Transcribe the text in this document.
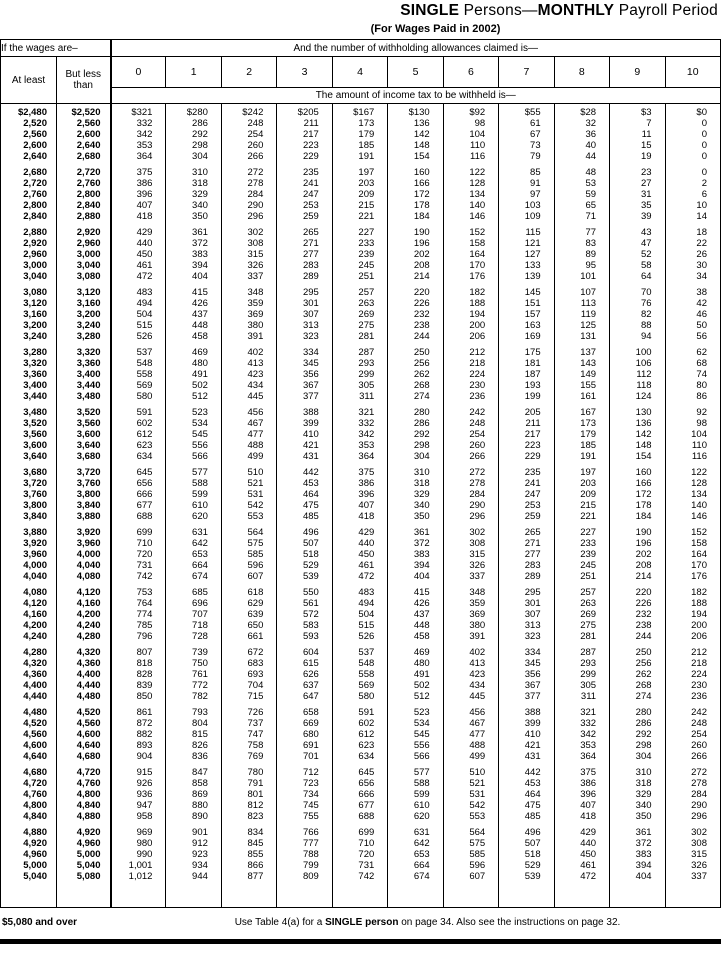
SINGLE Persons—MONTHLY Payroll Period
(For Wages Paid in 2002)
If the wages are–		And the number of withholding allowances claimed is—										
At least	But less than	0	1	2	3	4	5	6	7	8	9	10
		The amount of income tax to be withheld is—										
$2,480	$2,520	$321	$280	$242	$205	$167	$130	$92	$55	$28	$3	$0
2,520	2,560	332	286	248	211	173	136	98	61	32	7	0
2,560	2,600	342	292	254	217	179	142	104	67	36	11	0
2,600	2,640	353	298	260	223	185	148	110	73	40	15	0
2,640	2,680	364	304	266	229	191	154	116	79	44	19	0
2,680	2,720	375	310	272	235	197	160	122	85	48	23	0
2,720	2,760	386	318	278	241	203	166	128	91	53	27	2
2,760	2,800	396	329	284	247	209	172	134	97	59	31	6
2,800	2,840	407	340	290	253	215	178	140	103	65	35	10
2,840	2,880	418	350	296	259	221	184	146	109	71	39	14
2,880	2,920	429	361	302	265	227	190	152	115	77	43	18
2,920	2,960	440	372	308	271	233	196	158	121	83	47	22
2,960	3,000	450	383	315	277	239	202	164	127	89	52	26
3,000	3,040	461	394	326	283	245	208	170	133	95	58	30
3,040	3,080	472	404	337	289	251	214	176	139	101	64	34
3,080	3,120	483	415	348	295	257	220	182	145	107	70	38
3,120	3,160	494	426	359	301	263	226	188	151	113	76	42
3,160	3,200	504	437	369	307	269	232	194	157	119	82	46
3,200	3,240	515	448	380	313	275	238	200	163	125	88	50
3,240	3,280	526	458	391	323	281	244	206	169	131	94	56
3,280	3,320	537	469	402	334	287	250	212	175	137	100	62
3,320	3,360	548	480	413	345	293	256	218	181	143	106	68
3,360	3,400	558	491	423	356	299	262	224	187	149	112	74
3,400	3,440	569	502	434	367	305	268	230	193	155	118	80
3,440	3,480	580	512	445	377	311	274	236	199	161	124	86
3,480	3,520	591	523	456	388	321	280	242	205	167	130	92
3,520	3,560	602	534	467	399	332	286	248	211	173	136	98
3,560	3,600	612	545	477	410	342	292	254	217	179	142	104
3,600	3,640	623	556	488	421	353	298	260	223	185	148	110
3,640	3,680	634	566	499	431	364	304	266	229	191	154	116
3,680	3,720	645	577	510	442	375	310	272	235	197	160	122
3,720	3,760	656	588	521	453	386	318	278	241	203	166	128
3,760	3,800	666	599	531	464	396	329	284	247	209	172	134
3,800	3,840	677	610	542	475	407	340	290	253	215	178	140
3,840	3,880	688	620	553	485	418	350	296	259	221	184	146
3,880	3,920	699	631	564	496	429	361	302	265	227	190	152
3,920	3,960	710	642	575	507	440	372	308	271	233	196	158
3,960	4,000	720	653	585	518	450	383	315	277	239	202	164
4,000	4,040	731	664	596	529	461	394	326	283	245	208	170
4,040	4,080	742	674	607	539	472	404	337	289	251	214	176
4,080	4,120	753	685	618	550	483	415	348	295	257	220	182
4,120	4,160	764	696	629	561	494	426	359	301	263	226	188
4,160	4,200	774	707	639	572	504	437	369	307	269	232	194
4,200	4,240	785	718	650	583	515	448	380	313	275	238	200
4,240	4,280	796	728	661	593	526	458	391	323	281	244	206
4,280	4,320	807	739	672	604	537	469	402	334	287	250	212
4,320	4,360	818	750	683	615	548	480	413	345	293	256	218
4,360	4,400	828	761	693	626	558	491	423	356	299	262	224
4,400	4,440	839	772	704	637	569	502	434	367	305	268	230
4,440	4,480	850	782	715	647	580	512	445	377	311	274	236
4,480	4,520	861	793	726	658	591	523	456	388	321	280	242
4,520	4,560	872	804	737	669	602	534	467	399	332	286	248
4,560	4,600	882	815	747	680	612	545	477	410	342	292	254
4,600	4,640	893	826	758	691	623	556	488	421	353	298	260
4,640	4,680	904	836	769	701	634	566	499	431	364	304	266
4,680	4,720	915	847	780	712	645	577	510	442	375	310	272
4,720	4,760	926	858	791	723	656	588	521	453	386	318	278
4,760	4,800	936	869	801	734	666	599	531	464	396	329	284
4,800	4,840	947	880	812	745	677	610	542	475	407	340	290
4,840	4,880	958	890	823	755	688	620	553	485	418	350	296
4,880	4,920	969	901	834	766	699	631	564	496	429	361	302
4,920	4,960	980	912	845	777	710	642	575	507	440	372	308
4,960	5,000	990	923	855	788	720	653	585	518	450	383	315
5,000	5,040	1,001	934	866	799	731	664	596	529	461	394	326
5,040	5,080	1,012	944	877	809	742	674	607	539	472	404	337

$5,080 and over	Use Table 4(a) for a SINGLE person on page 34. Also see the instructions on page 32.
